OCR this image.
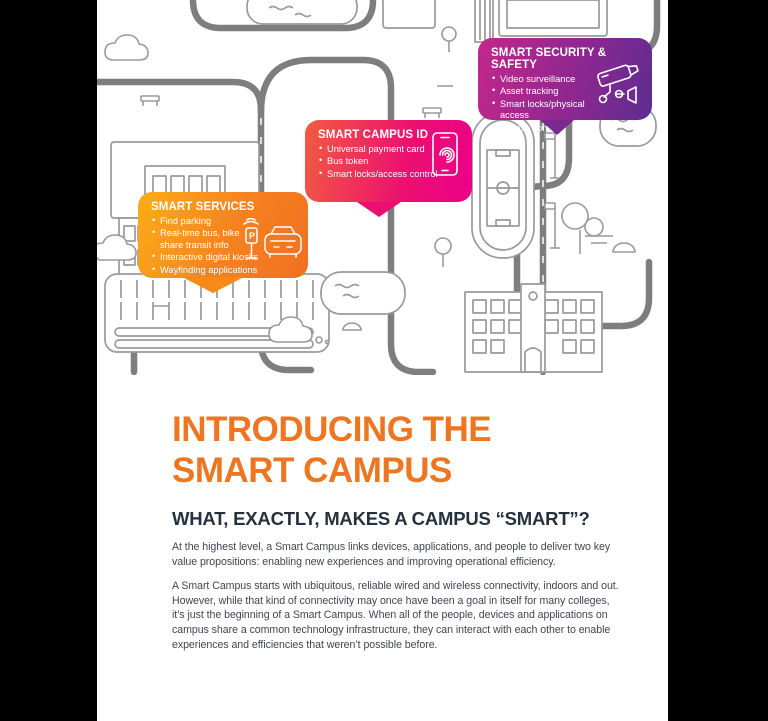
SMART SERVICES
• Find parking
• Real-time bus, bike share transit info
• Interactive digital kiosks
• Wayfinding applications
P
SMART CAMPUS ID
• Universal payment card
• Bus token
• Smart locks/access control
SMART SECURITY & SAFETY
• Video surveillance
• Asset tracking
• Smart locks/physical access
• Access control
INTRODUCING THE
SMART CAMPUS
WHAT, EXACTLY, MAKES A CAMPUS “SMART”?

At the highest level, a Smart Campus links devices, applications, and people to deliver two key value propositions: enabling new experiences and improving operational efficiency.

A Smart Campus starts with ubiquitous, reliable wired and wireless connectivity, indoors and out. However, while that kind of connectivity may once have been a goal in itself for many colleges, it’s just the beginning of a Smart Campus. When all of the people, devices and applications on campus share a common technology infrastructure, they can interact with each other to enable experiences and efficiencies that weren’t possible before.
